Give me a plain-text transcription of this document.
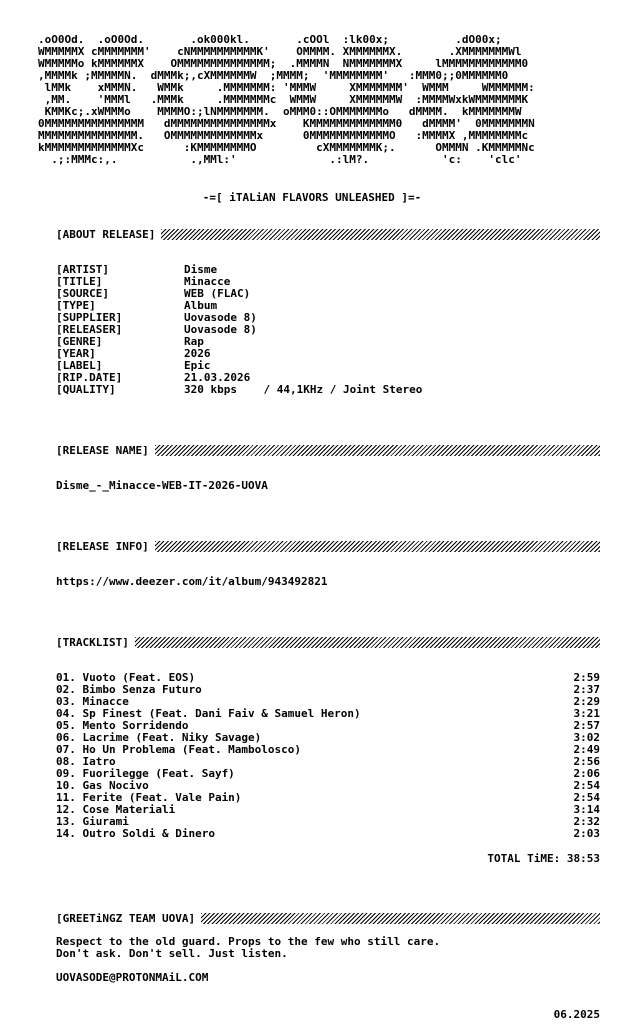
.oO0Od.  .oO0Od.       .ok000kl.       .cOOl  :lk00x;          .dO00x;
WMMMMMX cMMMMMMM'    cNMMMMMMMMMMK'    OMMMM. XMMMMMMX.       .XMMMMMMMWl
WMMMMMo kMMMMMMX    OMMMMMMMMMMMMMM;  .MMMMN  NMMMMMMMX     lMMMMMMMMMMMM0
,MMMMk ;MMMMMN.  dMMMk;,cXMMMMMMW  ;MMMM;  'MMMMMMMM'   :MMM0;;0MMMMMM0
lMMk    xMMMN.   WMMk     .MMMMMMM: 'MMMW     XMMMMMMM'  WMMM     WMMMMMM:
,MM.    'MMMl   .MMMk     .MMMMMMMc  WMMW     XMMMMMMW  :MMMMWxkWMMMMMMMK
KMMKc;.xWMMMo    MMMMO:;lNMMMMMMM.  oMMM0::OMMMMMMMo   dMMMM.  kMMMMMMMW
0MMMMMMMMMMMMMMM   dMMMMMMMMMMMMMMMx    KMMMMMMMMMMMMM0   dMMMM'  0MMMMMMMN
MMMMMMMMMMMMMMM.   OMMMMMMMMMMMMMx      0MMMMMMMMMMMMO   :MMMMX ,MMMMMMMMc
kMMMMMMMMMMMMMXc      :KMMMMMMMMO         cXMMMMMMMK;.      OMMMN .KMMMMMNc
.;:MMMc:,.           .,MMl:'              .:lM?.           'c:    'clc'
-=[ iTALiAN FLAVORS UNLEASHED ]=-
[ABOUT RELEASE]
[ARTIST]	Disme
[TITLE]	Minacce
[SOURCE]	WEB (FLAC)
[TYPE]	Album
[SUPPLIER]	Uovasode 8)
[RELEASER]	Uovasode 8)
[GENRE]	Rap
[YEAR]	2026
[LABEL]	Epic
[RIP.DATE]	21.03.2026
[QUALITY]	320 kbps    / 44,1KHz / Joint Stereo
[RELEASE NAME]
Disme_-_Minacce-WEB-IT-2026-UOVA
[RELEASE INFO]
https://www.deezer.com/it/album/943492821
[TRACKLIST]
01. Vuoto (Feat. EOS)	2:59
02. Bimbo Senza Futuro	2:37
03. Minacce	2:29
04. Sp Finest (Feat. Dani Faiv & Samuel Heron)	3:21
05. Mento Sorridendo	2:57
06. Lacrime (Feat. Niky Savage)	3:02
07. Ho Un Problema (Feat. Mambolosco)	2:49
08. Iatro	2:56
09. Fuorilegge (Feat. Sayf)	2:06
10. Gas Nocivo	2:54
11. Ferite (Feat. Vale Pain)	2:54
12. Cose Materiali	3:14
13. Giurami	2:32
14. Outro Soldi & Dinero	2:03
TOTAL TiME: 38:53
[GREETiNGZ TEAM UOVA]
Respect to the old guard. Props to the few who still care.
Don't ask. Don't sell. Just listen.
UOVASODE@PROTONMAiL.COM
06.2025
